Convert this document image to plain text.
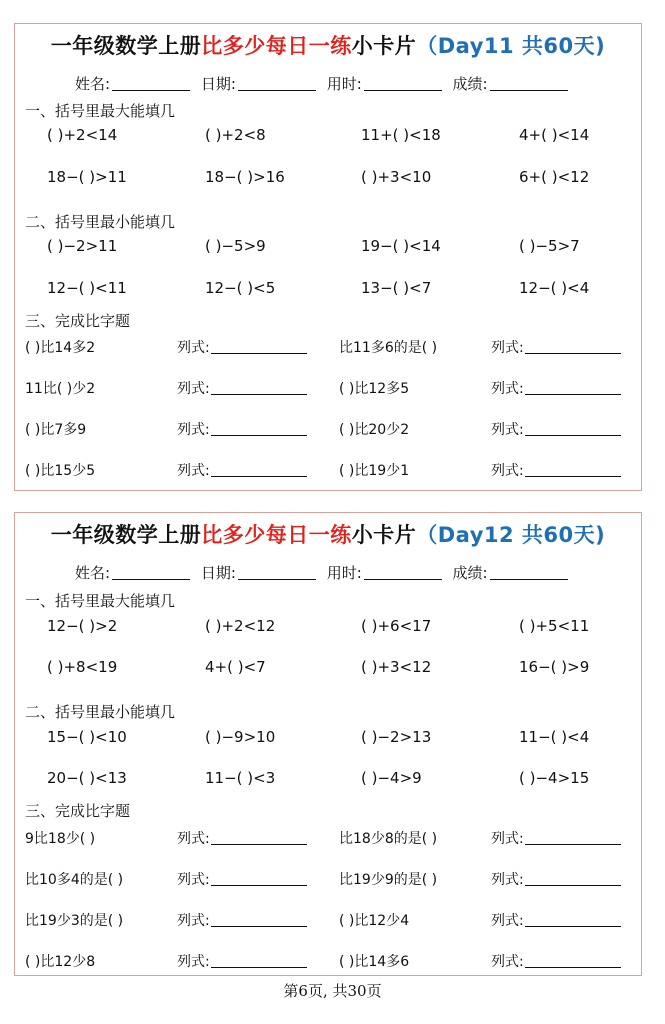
一年级数学上册比多少每日一练小卡片（Day11 共60天)
姓名:	日期:	用时:	成绩:
一、括号里最大能填几
( )+2<14	( )+2<8	11+( )<18	4+( )<14
18−( )>11	18−( )>16	( )+3<10	6+( )<12
二、括号里最小能填几
( )−2>11	( )−5>9	19−( )<14	( )−5>7
12−( )<11	12−( )<5	13−( )<7	12−( )<4
三、完成比字题
( )比14多2	列式:	比11多6的是( )	列式:
11比( )少2	列式:	( )比12多5	列式:
( )比7多9	列式:	( )比20少2	列式:
( )比15少5	列式:	( )比19少1	列式:
一年级数学上册比多少每日一练小卡片（Day12 共60天)
姓名:	日期:	用时:	成绩:
一、括号里最大能填几
12−( )>2	( )+2<12	( )+6<17	( )+5<11
( )+8<19	4+( )<7	( )+3<12	16−( )>9
二、括号里最小能填几
15−( )<10	( )−9>10	( )−2>13	11−( )<4
20−( )<13	11−( )<3	( )−4>9	( )−4>15
三、完成比字题
9比18少( )	列式:	比18少8的是( )	列式:
比10多4的是( )	列式:	比19少9的是( )	列式:
比19少3的是( )	列式:	( )比12少4	列式:
( )比12少8	列式:	( )比14多6	列式:
第6页, 共30页
